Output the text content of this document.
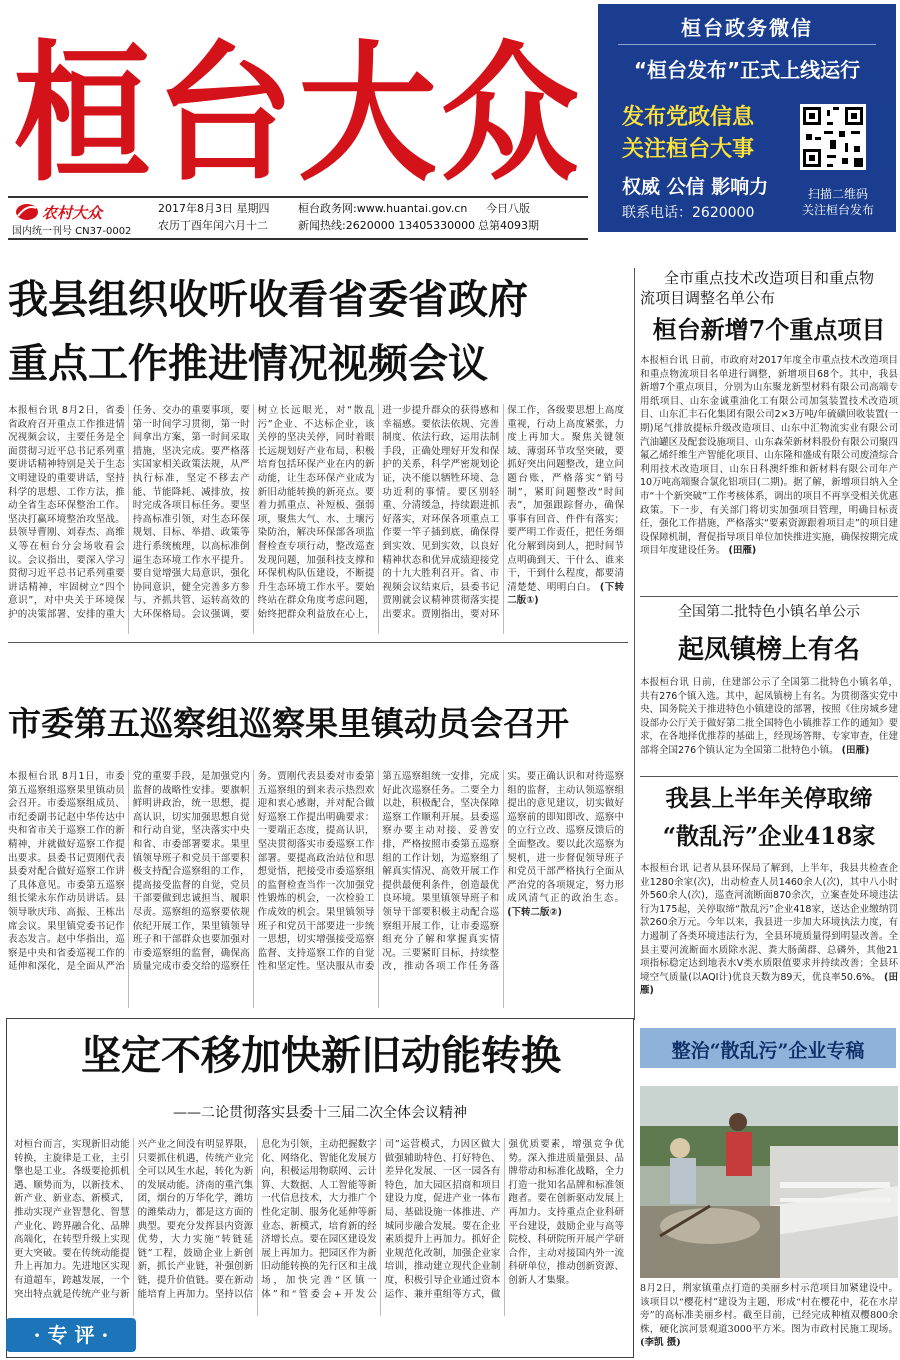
桓台大众
农村大众
国内统一刊号 CN37-0002
2017年8月3日 星期四
农历丁酉年闰六月十二
桓台政务网:www.huantai.gov.cn
新闻热线:2620000 13405330000
今日八版
总第4093期
桓台政务微信
“桓台发布”正式上线运行
发布党政信息
关注桓台大事
权威 公信 影响力
联系电话：2620000
扫描二维码
关注桓台发布
我县组织收听收看省委省政府
重点工作推进情况视频会议
本报桓台讯 8月2日，省委省政府召开重点工作推进情况视频会议，主要任务是全面贯彻习近平总书记系列重要讲话精神特别是关于生态文明建设的重要讲话，坚持科学的思想、工作方法，推动全省生态环保整治工作。坚决打赢环境整治攻坚战。县领导曹刚、刘春杰、高维义等在桓台分会场收看会议。会议指出，要深入学习贯彻习近平总书记系列重要讲话精神，牢固树立“四个意识”，对中央关于环境保护的决策部署、安排的重大任务、交办的重要事项，要第一时间学习贯彻，第一时间拿出方案，第一时间采取措施，坚决完成。要严格落实国家相关政策法规，从严执行标准，坚定不移去产能、节能降耗、减排放，按时完成各项目标任务。要坚持高标准引领，对生态环保规划、目标、举措、政策等进行系统梳理，以高标准倒逼生态环境工作水平提升。要自觉增强大局意识，强化协同意识，健全完善多方参与、齐抓共管、运转高效的大环保格局。会议强调，要树立长远眼光，对“散乱污”企业、不达标企业，该关停的坚决关停，同时着眼长远规划好产业布局，积极培育包括环保产业在内的新动能，让生态环保产业成为新旧动能转换的新亮点。要着力抓重点、补短板、强弱项，聚焦大气、水、土壤污染防治，解决环保部各项监督检查专项行动，整改巡查发现问题，加强科技支撑和环保机构队伍建设，不断提升生态环境工作水平。要始终站在群众角度考虑问题，始终把群众利益放在心上，进一步提升群众的获得感和幸福感。要依法依规、完善制度、依法行政，运用法制手段，正确处理好开发和保护的关系，科学严密规划论证，决不能以牺牲环境、急功近利的事情。要区别轻重、分清缓急，持续跟进抓好落实，对环保各项重点工作要一竿子插到底，确保得到实效、见到实效，以良好精神状态和优异成绩迎接党的十九大胜利召开。省、市视频会议结束后，县委书记贾刚就会议精神贯彻落实提出要求。贾刚指出，要对环保工作，各级要思想上高度重视，行动上高度紧张，力度上再加大。聚焦关键领域、薄弱环节攻坚突破，要抓好突出问题整改，建立问题台账，严格落实“销号制”，紧盯问题整改“时间表”，加强跟踪督办，确保事事有回音、件件有落实；要严明工作责任，把任务细化分解到岗到人，把时间节点明确到天、干什么、谁来干，干到什么程度，都要清清楚楚、明明白白。 (下转二版①)
市委第五巡察组巡察果里镇动员会召开
本报桓台讯 8月1日，市委第五巡察组巡察果里镇动员会召开。市委巡察组成员、市纪委副书记赵中华传达中央和省市关于巡察工作的新精神，并就做好巡察工作提出要求。县委书记贾刚代表县委对配合做好巡察工作讲了具体意见。市委第五巡察组长梁永东作动员讲话。县领导耿庆玮、高振、王栋出席会议。果里镇党委书记作表态发言。赵中华指出，巡察是中央和省委巡视工作的延伸和深化，是全面从严治党的重要手段，是加强党内监督的战略性安排。要旗帜鲜明讲政治，统一思想，提高认识，切实加强思想自觉和行动自觉，坚决落实中央和省、市委部署要求。果里镇领导班子和党员干部要积极支持配合巡察组的工作，提高接受监督的自觉，党员干部要做到忠诚担当、履职尽责。巡察组的巡察要依规依纪开展工作，果里镇领导班子和干部群众也要加强对市委巡察组的监督，确保高质量完成市委交给的巡察任务。贾刚代表县委对市委第五巡察组的到来表示热烈欢迎和衷心感谢，并对配合做好巡察工作提出明确要求：一要端正态度，提高认识，坚决贯彻落实市委巡察工作部署。要提高政治站位和思想觉悟，把接受市委巡察组的监督检查当作一次加强党性锻炼的机会，一次检验工作成效的机会。果里镇领导班子和党员干部要进一步统一思想，切实增强接受巡察监督、支持巡察工作的自觉性和坚定性。坚决服从市委第五巡察组统一安排，完成好此次巡察任务。二要全力以赴，积极配合，坚决保障巡察工作顺利开展。县委巡察办要主动对接、妥善安排，严格按照市委第五巡察组的工作计划，为巡察组了解真实情况、高效开展工作提供最便利条件，创造最优良环境。果里镇领导班子和领导干部要积极主动配合巡察组开展工作，让市委巡察组充分了解和掌握真实情况。三要紧盯目标，持续整改，推动各项工作任务落实。要正确认识和对待巡察组的监督，主动认领巡察组提出的意见建议，切实做好巡察前的即知即改、巡察中的立行立改、巡察反馈后的全面整改。要以此次巡察为契机，进一步督促领导班子和党员干部严格执行全面从严治党的各项规定，努力形成风清气正的政治生态。 (下转二版②)
坚定不移加快新旧动能转换
——二论贯彻落实县委十三届二次全体会议精神
对桓台而言，实现新旧动能转换，主旋律是工业，主引擎也是工业。各级要抢抓机遇、顺势而为，以新技术、新产业、新业态、新模式，推动实现产业智慧化、智慧产业化、跨界融合化、品牌高端化，在转型升级上实现更大突破。要在传统动能提升上再加力。先进地区实现有道超车，跨越发展，一个突出特点就是传统产业与新兴产业之间没有明显界限，只要抓住机遇，传统产业完全可以风生水起，转化为新的发展动能。济南的重汽集团，烟台的万华化学，潍坊的潍柴动力，都是这方面的典型。要充分发挥县内资源优势，大力实施“转链延链”工程，鼓励企业上新创新，抓长产业链，补强创新链，提升价值链。要在新动能培育上再加力。坚持以信息化为引领，主动把握数字化、网络化、智能化发展方向，积极运用物联网、云计算、大数据、人工智能等新一代信息技术，大力推广个性化定制、服务化延伸等新业态、新模式，培育新的经济增长点。要在园区建设发展上再加力。把园区作为新旧动能转换的先行区和主战场，加快完善“区镇一体”和“管委会+开发公司”运营模式，力因区做大做强辅助特色、打好特色、差异化发展、一区一园各有特色，加大园区招商和项目建设力度，促进产业一体布局、基础设施一体推进、产城同步融合发展。要在企业素质提升上再加力。抓好企业规范化改制，加强企业家培训，推动建立现代企业制度，积极引导企业通过资本运作、兼并重组等方式，做强优质要素，增强竞争优势。深入推进质量强县、品牌带动和标准化战略，全力打造一批知名品牌和标准领跑者。要在创新驱动发展上再加力。支持重点企业科研平台建设，鼓励企业与高等院校、科研院所开展产学研合作，主动对接国内外一流科研单位，推动创新资源、创新人才集聚。
· 专 评 ·
全市重点技术改造项目和重点物
流项目调整名单公布
桓台新增7个重点项目
本报桓台讯 日前，市政府对2017年度全市重点技术改造项目和重点物流项目名单进行调整，新增项目68个。其中，我县新增7个重点项目，分别为山东聚龙新型材料有限公司高端专用纸项目、山东金诚重油化工有限公司加氢装置技术改造项目、山东汇丰石化集团有限公司2×3万吨/年硫磺回收装置(一期)尾气排放提标升级改造项目、山东中汇物流实业有限公司汽油罐区及配套设施项目、山东森荣新材料股份有限公司聚四氟乙烯纤维生产智能化项目、山东隆和盛成有限公司废渣综合利用技术改造项目、山东日科澳纤维和新材料有限公司年产10万吨高端聚合氯化铝项目(二期)。据了解，新增项目纳入全市“十个新突破”工作考核体系，调出的项目不再享受相关优惠政策。下一步，有关部门将切实加强项目管理，明确目标责任，强化工作措施，严格落实“要素资源跟着项目走”的项目建设保障机制，督促指导项目单位加快推进实施，确保按期完成项目年度建设任务。 (田雁)
全国第二批特色小镇名单公示
起凤镇榜上有名
本报桓台讯 日前，住建部公示了全国第二批特色小镇名单，共有276个镇入选。其中，起凤镇榜上有名。为贯彻落实党中央、国务院关于推进特色小镇建设的部署，按照《住房城乡建设部办公厅关于做好第二批全国特色小镇推荐工作的通知》要求，在各地择优推荐的基础上，经现场答辩、专家审查，住建部将全国276个镇认定为全国第二批特色小镇。 (田雁)
我县上半年关停取缔
“散乱污”企业418家
本报桓台讯 记者从县环保局了解到，上半年，我县共检查企业1280余家(次)，出动检查人员1460余人(次)，其中八小时外560余人(次)，巡查河流断面870余次，立案查处环境违法行为175起，关停取缔“散乱污”企业418家，送达企业缴纳罚款260余万元。今年以来，我县进一步加大环境执法力度，有力遏制了各类环境违法行为，全县环境质量得到明显改善。全县主要河流断面水质除水泥、粪大肠菌群、总磷外，其他21项指标稳定达到地表水Ⅴ类水质限值要求并持续改善；全县环境空气质量(以AQI计)优良天数为89天，优良率50.6%。 (田雁)
整治“散乱污”企业专稿
8月2日，荆家镇重点打造的美丽乡村示范项目加紧建设中。该项目以“樱花村”建设为主题，形成“村在樱花中，花在水岸旁”的高标准美丽乡村。截至目前，已经完成种植双樱800余株，硬化滨河景观道3000平方米。图为市政村民施工现场。 (李凯 摄)
